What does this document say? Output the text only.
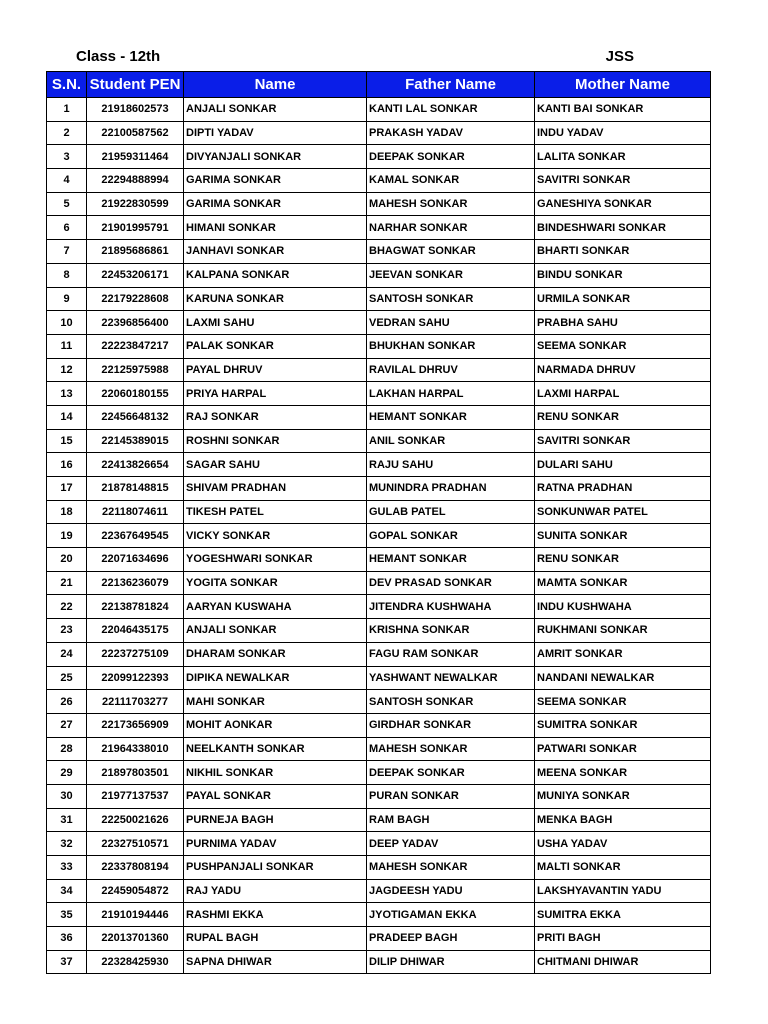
Class - 12th	JSS
S.N.	Student PEN	Name	Father Name	Mother Name
1	21918602573	ANJALI SONKAR	KANTI LAL SONKAR	KANTI BAI SONKAR
2	22100587562	DIPTI YADAV	PRAKASH YADAV	INDU YADAV
3	21959311464	DIVYANJALI SONKAR	DEEPAK SONKAR	LALITA SONKAR
4	22294888994	GARIMA SONKAR	KAMAL SONKAR	SAVITRI SONKAR
5	21922830599	GARIMA SONKAR	MAHESH SONKAR	GANESHIYA SONKAR
6	21901995791	HIMANI SONKAR	NARHAR SONKAR	BINDESHWARI SONKAR
7	21895686861	JANHAVI SONKAR	BHAGWAT SONKAR	BHARTI SONKAR
8	22453206171	KALPANA SONKAR	JEEVAN SONKAR	BINDU SONKAR
9	22179228608	KARUNA SONKAR	SANTOSH SONKAR	URMILA SONKAR
10	22396856400	LAXMI SAHU	VEDRAN SAHU	PRABHA SAHU
11	22223847217	PALAK SONKAR	BHUKHAN SONKAR	SEEMA SONKAR
12	22125975988	PAYAL DHRUV	RAVILAL DHRUV	NARMADA DHRUV
13	22060180155	PRIYA HARPAL	LAKHAN HARPAL	LAXMI HARPAL
14	22456648132	RAJ SONKAR	HEMANT SONKAR	RENU SONKAR
15	22145389015	ROSHNI SONKAR	ANIL SONKAR	SAVITRI SONKAR
16	22413826654	SAGAR SAHU	RAJU SAHU	DULARI SAHU
17	21878148815	SHIVAM PRADHAN	MUNINDRA PRADHAN	RATNA PRADHAN
18	22118074611	TIKESH PATEL	GULAB PATEL	SONKUNWAR PATEL
19	22367649545	VICKY SONKAR	GOPAL SONKAR	SUNITA SONKAR
20	22071634696	YOGESHWARI SONKAR	HEMANT SONKAR	RENU SONKAR
21	22136236079	YOGITA SONKAR	DEV PRASAD SONKAR	MAMTA SONKAR
22	22138781824	AARYAN KUSWAHA	JITENDRA KUSHWAHA	INDU KUSHWAHA
23	22046435175	ANJALI SONKAR	KRISHNA SONKAR	RUKHMANI SONKAR
24	22237275109	DHARAM SONKAR	FAGU RAM SONKAR	AMRIT SONKAR
25	22099122393	DIPIKA NEWALKAR	YASHWANT NEWALKAR	NANDANI NEWALKAR
26	22111703277	MAHI SONKAR	SANTOSH SONKAR	SEEMA SONKAR
27	22173656909	MOHIT AONKAR	GIRDHAR SONKAR	SUMITRA SONKAR
28	21964338010	NEELKANTH SONKAR	MAHESH SONKAR	PATWARI SONKAR
29	21897803501	NIKHIL SONKAR	DEEPAK SONKAR	MEENA SONKAR
30	21977137537	PAYAL SONKAR	PURAN SONKAR	MUNIYA SONKAR
31	22250021626	PURNEJA BAGH	RAM BAGH	MENKA BAGH
32	22327510571	PURNIMA YADAV	DEEP YADAV	USHA YADAV
33	22337808194	PUSHPANJALI SONKAR	MAHESH SONKAR	MALTI SONKAR
34	22459054872	RAJ YADU	JAGDEESH YADU	LAKSHYAVANTIN YADU
35	21910194446	RASHMI EKKA	JYOTIGAMAN EKKA	SUMITRA EKKA
36	22013701360	RUPAL BAGH	PRADEEP BAGH	PRITI BAGH
37	22328425930	SAPNA DHIWAR	DILIP DHIWAR	CHITMANI DHIWAR
